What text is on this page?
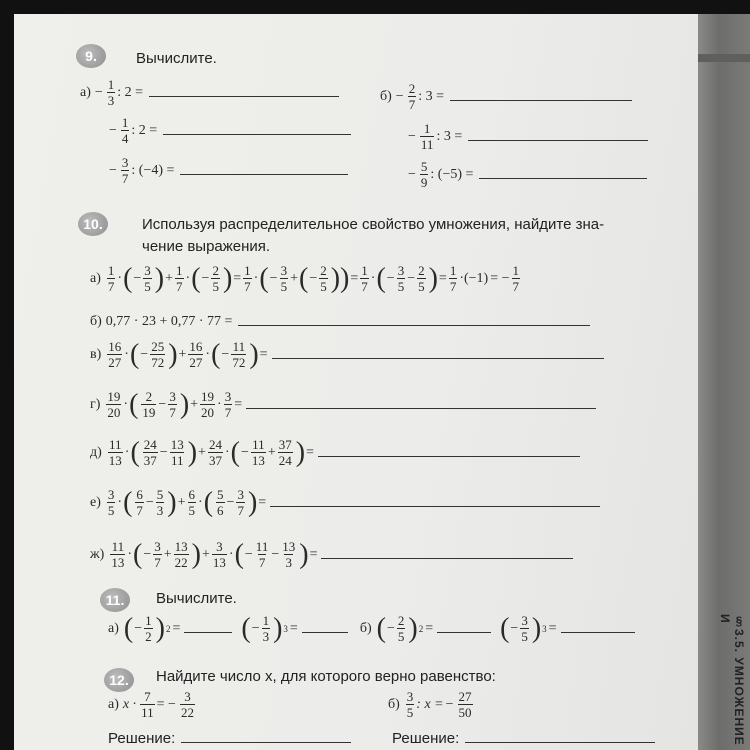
§3.5. УМНОЖЕНИЕ И
9.	Вычислите.
$а) - \frac{1}{3}$ : 2 =
− $\frac{1}{4}$ : 2 =
− $\frac{3}{7}$ : (−4) =
$б) - \frac{2}{7}$ : 3 =
− $\frac{1}{11}$ : 3 =
− $\frac{5}{9}$ : (−5) =
10.	Используя распределительное свойство умножения, найдите зна-
чение выражения.
$а) \frac{1}{7}$ · ( − $\frac{3}{5}$ ) + $\frac{1}{7}$ · ( − $\frac{2}{5}$ ) = $\frac{1}{7}$ · ( − $\frac{3}{5}$ + ( − $\frac{2}{5}$ )) = $\frac{1}{7}$ · ( − $\frac{3}{5} - \frac{2}{5}$ ) = $\frac{1}{7} \cdot (-1)$ = − $\frac{1}{7}$
б) 0,77 · 23 + 0,77 · 77 =
$в) \frac{16}{27}$ · ( − $\frac{25}{72}$ ) + $\frac{16}{27}$ · ( − $\frac{11}{72}$ ) =
$г) \frac{19}{20}$ · ( $\frac{2}{19} - \frac{3}{7}$ ) + $\frac{19}{20} \cdot \frac{3}{7}$ =
$д) \frac{11}{13}$ · ( $\frac{24}{37} - \frac{13}{11}$ ) + $\frac{24}{37}$ · ( − $\frac{11}{13} + \frac{37}{24}$ ) =
$е) \frac{3}{5}$ · ( $\frac{6}{7} - \frac{5}{3}$ ) + $\frac{6}{5}$ · ( $\frac{5}{6} - \frac{3}{7}$ ) =
$ж) \frac{11}{13}$ · ( − $\frac{3}{7} + \frac{13}{22}$ ) + $\frac{3}{13}$ · ( − $\frac{11}{7} - \frac{13}{3}$ ) =
11.	Вычислите.
а) ( − $\frac{1}{2}$ ) 2 = ( − $\frac{1}{3}$ ) 3 =	б) ( − $\frac{2}{5}$ ) 2 = ( − $\frac{3}{5}$ ) 3 =
12.	Найдите число x, для которого верно равенство:
а) $x \cdot \frac{7}{11}$ = − $\frac{3}{22}$	$б) \frac{3}{5}$ : x = − $\frac{27}{50}$
Решение:	Решение:
